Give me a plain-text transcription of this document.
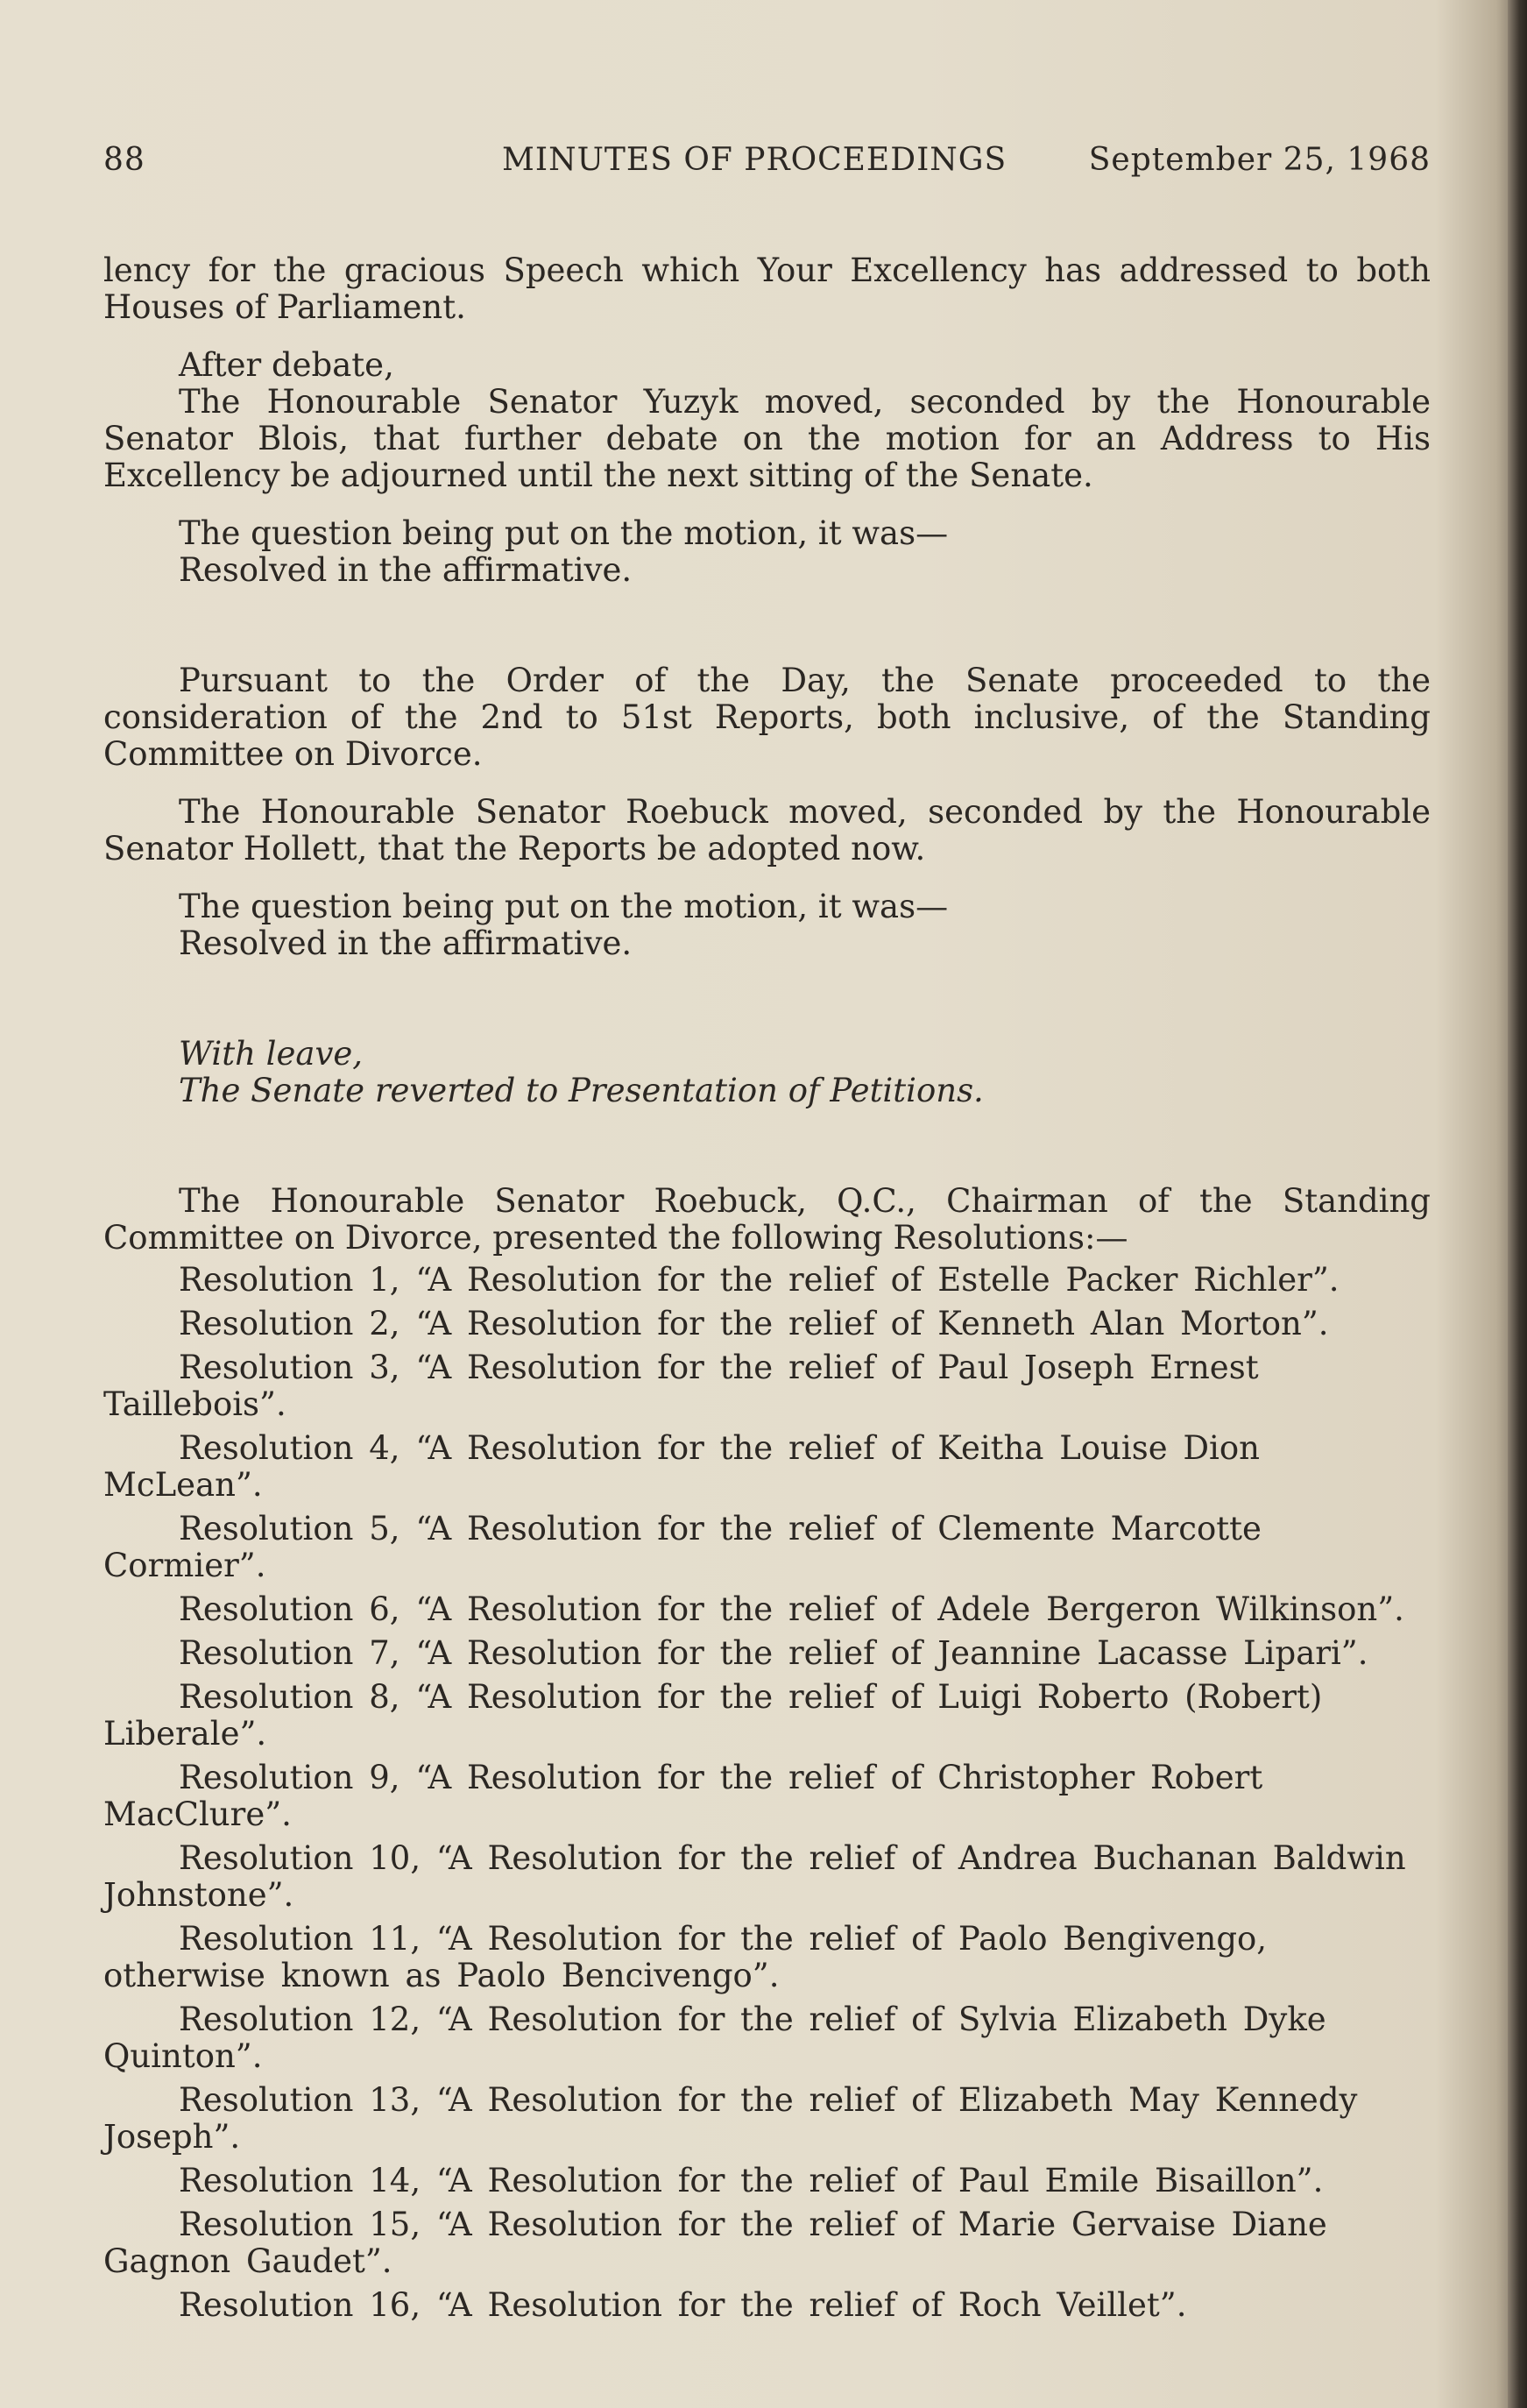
88	MINUTES OF PROCEEDINGS	September 25, 1968

lency for the gracious Speech which Your Excellency has addressed to both Houses of Parliament.

After debate,

The Honourable Senator Yuzyk moved, seconded by the Honourable Senator Blois, that further debate on the motion for an Address to His Excellency be adjourned until the next sitting of the Senate.

The question being put on the motion, it was—

Resolved in the affirmative.

Pursuant to the Order of the Day, the Senate proceeded to the consideration of the 2nd to 51st Reports, both inclusive, of the Standing Committee on Divorce.

The Honourable Senator Roebuck moved, seconded by the Honourable Senator Hollett, that the Reports be adopted now.

The question being put on the motion, it was—

Resolved in the affirmative.

With leave,

The Senate reverted to Presentation of Petitions.

The Honourable Senator Roebuck, Q.C., Chairman of the Standing Committee on Divorce, presented the following Resolutions:—

Resolution 1, “A Resolution for the relief of Estelle Packer Richler”.

Resolution 2, “A Resolution for the relief of Kenneth Alan Morton”.

Resolution 3, “A Resolution for the relief of Paul Joseph Ernest Taillebois”.

Resolution 4, “A Resolution for the relief of Keitha Louise Dion McLean”.

Resolution 5, “A Resolution for the relief of Clemente Marcotte Cormier”.

Resolution 6, “A Resolution for the relief of Adele Bergeron Wilkinson”.

Resolution 7, “A Resolution for the relief of Jeannine Lacasse Lipari”.

Resolution 8, “A Resolution for the relief of Luigi Roberto (Robert) Liberale”.

Resolution 9, “A Resolution for the relief of Christopher Robert MacClure”.

Resolution 10, “A Resolution for the relief of Andrea Buchanan Baldwin Johnstone”.

Resolution 11, “A Resolution for the relief of Paolo Bengivengo, otherwise known as Paolo Bencivengo”.

Resolution 12, “A Resolution for the relief of Sylvia Elizabeth Dyke Quinton”.

Resolution 13, “A Resolution for the relief of Elizabeth May Kennedy Joseph”.

Resolution 14, “A Resolution for the relief of Paul Emile Bisaillon”.

Resolution 15, “A Resolution for the relief of Marie Gervaise Diane Gagnon Gaudet”.

Resolution 16, “A Resolution for the relief of Roch Veillet”.
